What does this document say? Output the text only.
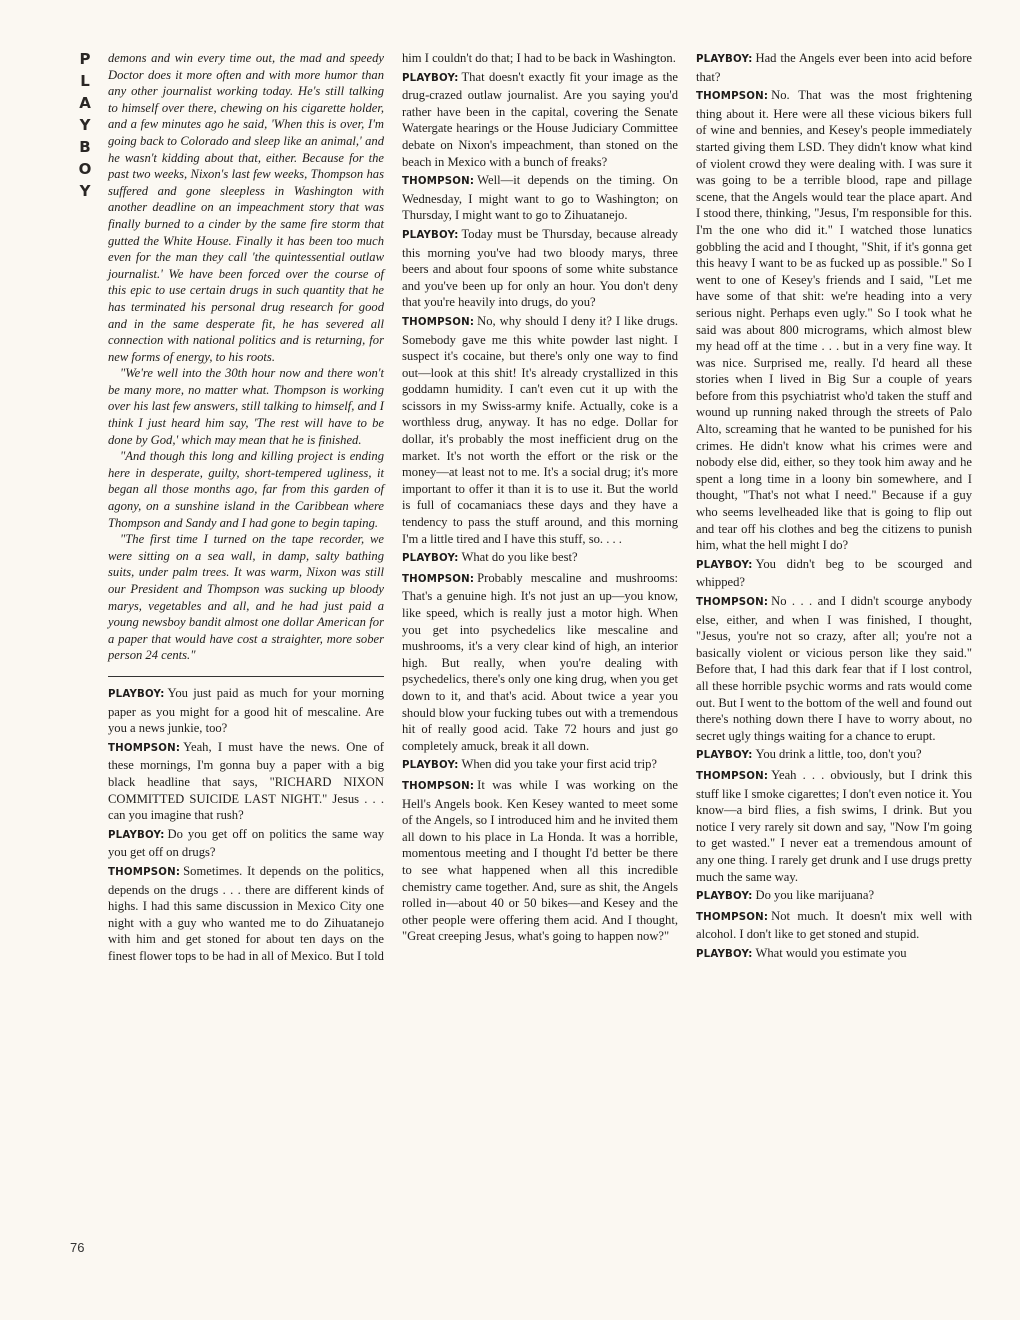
P
L
A
Y
B
O
Y

demons and win every time out, the mad and speedy Doctor does it more often and with more humor than any other journalist working today. He's still talking to himself over there, chewing on his cigarette holder, and a few minutes ago he said, 'When this is over, I'm going back to Colorado and sleep like an animal,' and he wasn't kidding about that, either. Because for the past two weeks, Nixon's last few weeks, Thompson has suffered and gone sleepless in Washington with another deadline on an impeachment story that was finally burned to a cinder by the same fire storm that gutted the White House. Finally it has been too much even for the man they call 'the quintessential outlaw journalist.' We have been forced over the course of this epic to use certain drugs in such quantity that he has terminated his personal drug research for good and in the same desperate fit, he has severed all connection with national politics and is returning, for new forms of energy, to his roots.

"We're well into the 30th hour now and there won't be many more, no matter what. Thompson is working over his last few answers, still talking to himself, and I think I just heard him say, 'The rest will have to be done by God,' which may mean that he is finished.

"And though this long and killing project is ending here in desperate, guilty, short-tempered ugliness, it began all those months ago, far from this garden of agony, on a sunshine island in the Caribbean where Thompson and Sandy and I had gone to begin taping.

"The first time I turned on the tape recorder, we were sitting on a sea wall, in damp, salty bathing suits, under palm trees. It was warm, Nixon was still our President and Thompson was sucking up bloody marys, vegetables and all, and he had just paid a young newsboy bandit almost one dollar American for a paper that would have cost a straighter, more sober person 24 cents."

PLAYBOY: You just paid as much for your morning paper as you might for a good hit of mescaline. Are you a news junkie, too?

THOMPSON: Yeah, I must have the news. One of these mornings, I'm gonna buy a paper with a big black headline that says, "RICHARD NIXON COMMITTED SUICIDE LAST NIGHT." Jesus . . . can you imagine that rush?

PLAYBOY: Do you get off on politics the same way you get off on drugs?

THOMPSON: Sometimes. It depends on the politics, depends on the drugs . . . there are different kinds of highs. I had this same discussion in Mexico City one night with a guy who wanted me to do Zihuatanejo with him and get stoned for about ten days on the finest flower tops to be had in all of Mexico. But I told

him I couldn't do that; I had to be back in Washington.

PLAYBOY: That doesn't exactly fit your image as the drug-crazed outlaw journalist. Are you saying you'd rather have been in the capital, covering the Senate Watergate hearings or the House Judiciary Committee debate on Nixon's impeachment, than stoned on the beach in Mexico with a bunch of freaks?

THOMPSON: Well—it depends on the timing. On Wednesday, I might want to go to Washington; on Thursday, I might want to go to Zihuatanejo.

PLAYBOY: Today must be Thursday, because already this morning you've had two bloody marys, three beers and about four spoons of some white substance and you've been up for only an hour. You don't deny that you're heavily into drugs, do you?

THOMPSON: No, why should I deny it? I like drugs. Somebody gave me this white powder last night. I suspect it's cocaine, but there's only one way to find out—look at this shit! It's already crystallized in this goddamn humidity. I can't even cut it up with the scissors in my Swiss-army knife. Actually, coke is a worthless drug, anyway. It has no edge. Dollar for dollar, it's probably the most inefficient drug on the market. It's not worth the effort or the risk or the money—at least not to me. It's a social drug; it's more important to offer it than it is to use it. But the world is full of cocamaniacs these days and they have a tendency to pass the stuff around, and this morning I'm a little tired and I have this stuff, so. . . .

PLAYBOY: What do you like best?

THOMPSON: Probably mescaline and mushrooms: That's a genuine high. It's not just an up—you know, like speed, which is really just a motor high. When you get into psychedelics like mescaline and mushrooms, it's a very clear kind of high, an interior high. But really, when you're dealing with psychedelics, there's only one king drug, when you get down to it, and that's acid. About twice a year you should blow your fucking tubes out with a tremendous hit of really good acid. Take 72 hours and just go completely amuck, break it all down.

PLAYBOY: When did you take your first acid trip?

THOMPSON: It was while I was working on the Hell's Angels book. Ken Kesey wanted to meet some of the Angels, so I introduced him and he invited them all down to his place in La Honda. It was a horrible, momentous meeting and I thought I'd better be there to see what happened when all this incredible chemistry came together. And, sure as shit, the Angels rolled in—about 40 or 50 bikes—and Kesey and the other people were offering them acid. And I thought, "Great creeping Jesus, what's going to happen now?"

PLAYBOY: Had the Angels ever been into acid before that?

THOMPSON: No. That was the most frightening thing about it. Here were all these vicious bikers full of wine and bennies, and Kesey's people immediately started giving them LSD. They didn't know what kind of violent crowd they were dealing with. I was sure it was going to be a terrible blood, rape and pillage scene, that the Angels would tear the place apart. And I stood there, thinking, "Jesus, I'm responsible for this. I'm the one who did it." I watched those lunatics gobbling the acid and I thought, "Shit, if it's gonna get this heavy I want to be as fucked up as possible." So I went to one of Kesey's friends and I said, "Let me have some of that shit: we're heading into a very serious night. Perhaps even ugly." So I took what he said was about 800 micrograms, which almost blew my head off at the time . . . but in a very fine way. It was nice. Surprised me, really. I'd heard all these stories when I lived in Big Sur a couple of years before from this psychiatrist who'd taken the stuff and wound up running naked through the streets of Palo Alto, screaming that he wanted to be punished for his crimes. He didn't know what his crimes were and nobody else did, either, so they took him away and he spent a long time in a loony bin somewhere, and I thought, "That's not what I need." Because if a guy who seems levelheaded like that is going to flip out and tear off his clothes and beg the citizens to punish him, what the hell might I do?

PLAYBOY: You didn't beg to be scourged and whipped?

THOMPSON: No . . . and I didn't scourge anybody else, either, and when I was finished, I thought, "Jesus, you're not so crazy, after all; you're not a basically violent or vicious person like they said." Before that, I had this dark fear that if I lost control, all these horrible psychic worms and rats would come out. But I went to the bottom of the well and found out there's nothing down there I have to worry about, no secret ugly things waiting for a chance to erupt.

PLAYBOY: You drink a little, too, don't you?

THOMPSON: Yeah . . . obviously, but I drink this stuff like I smoke cigarettes; I don't even notice it. You know—a bird flies, a fish swims, I drink. But you notice I very rarely sit down and say, "Now I'm going to get wasted." I never eat a tremendous amount of any one thing. I rarely get drunk and I use drugs pretty much the same way.

PLAYBOY: Do you like marijuana?

THOMPSON: Not much. It doesn't mix well with alcohol. I don't like to get stoned and stupid.

PLAYBOY: What would you estimate you

76
